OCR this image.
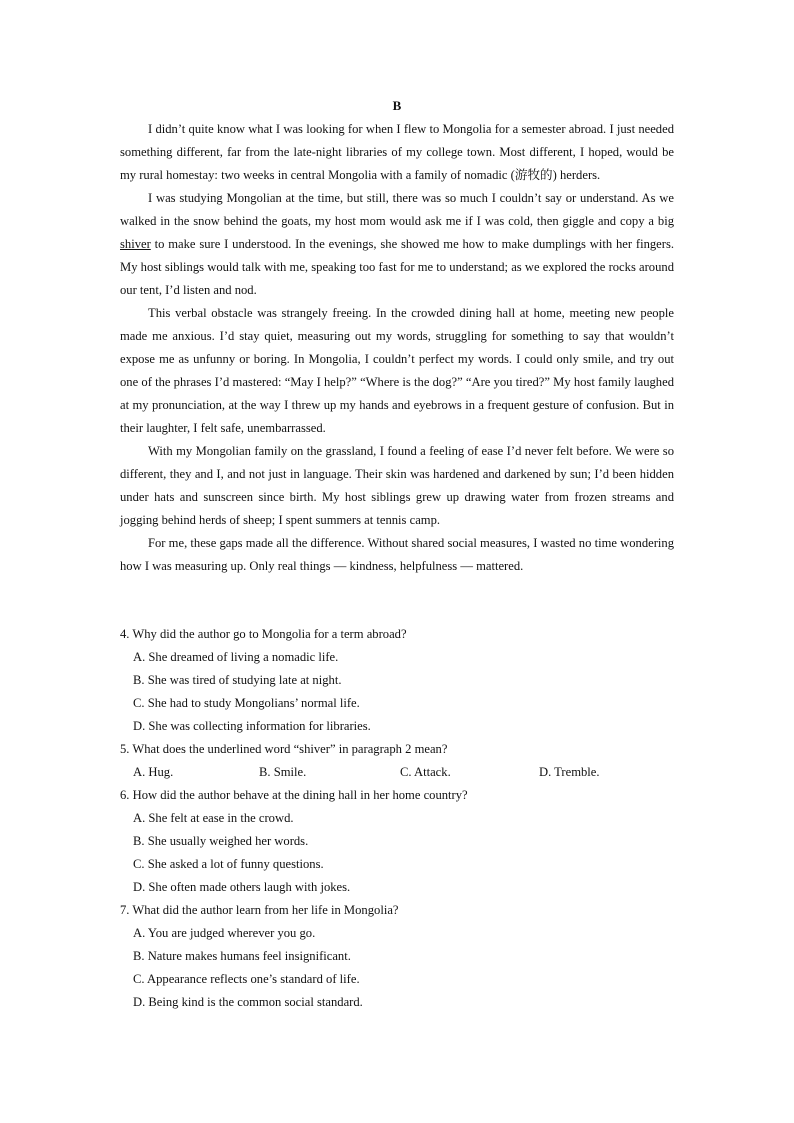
B

I didn’t quite know what I was looking for when I flew to Mongolia for a semester abroad. I just needed something different, far from the late-night libraries of my college town. Most different, I hoped, would be my rural homestay: two weeks in central Mongolia with a family of nomadic (游牧的) herders.

I was studying Mongolian at the time, but still, there was so much I couldn’t say or understand. As we walked in the snow behind the goats, my host mom would ask me if I was cold, then giggle and copy a big shiver to make sure I understood. In the evenings, she showed me how to make dumplings with her fingers. My host siblings would talk with me, speaking too fast for me to understand; as we explored the rocks around our tent, I’d listen and nod.

This verbal obstacle was strangely freeing. In the crowded dining hall at home, meeting new people made me anxious. I’d stay quiet, measuring out my words, struggling for something to say that wouldn’t expose me as unfunny or boring. In Mongolia, I couldn’t perfect my words. I could only smile, and try out one of the phrases I’d mastered: “May I help?” “Where is the dog?” “Are you tired?” My host family laughed at my pronunciation, at the way I threw up my hands and eyebrows in a frequent gesture of confusion. But in their laughter, I felt safe, unembarrassed.

With my Mongolian family on the grassland, I found a feeling of ease I’d never felt before. We were so different, they and I, and not just in language. Their skin was hardened and darkened by sun; I’d been hidden under hats and sunscreen since birth. My host siblings grew up drawing water from frozen streams and jogging behind herds of sheep; I spent summers at tennis camp.

For me, these gaps made all the difference. Without shared social measures, I wasted no time wondering how I was measuring up. Only real things — kindness, helpfulness — mattered.

4. Why did the author go to Mongolia for a term abroad?
A. She dreamed of living a nomadic life.
B. She was tired of studying late at night.
C. She had to study Mongolians’ normal life.
D. She was collecting information for libraries.
5. What does the underlined word “shiver” in paragraph 2 mean?
A. Hug.	B. Smile.	C. Attack.	D. Tremble.
6. How did the author behave at the dining hall in her home country?
A. She felt at ease in the crowd.
B. She usually weighed her words.
C. She asked a lot of funny questions.
D. She often made others laugh with jokes.
7. What did the author learn from her life in Mongolia?
A. You are judged wherever you go.
B. Nature makes humans feel insignificant.
C. Appearance reflects one’s standard of life.
D. Being kind is the common social standard.
